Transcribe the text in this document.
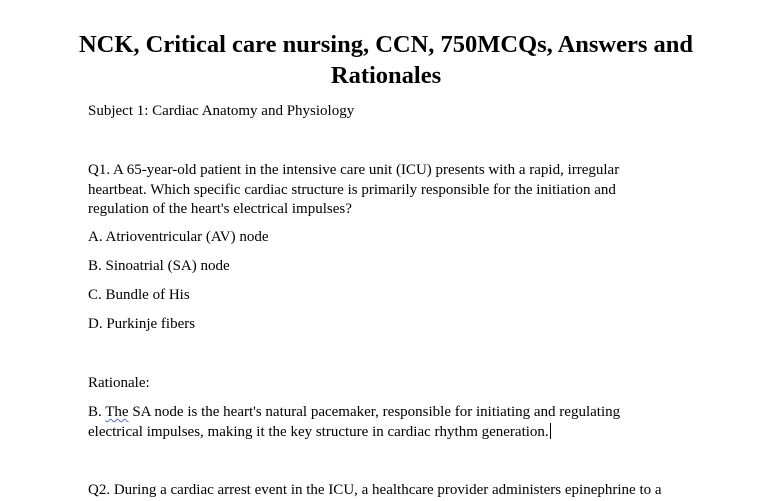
NCK, Critical care nursing, CCN, 750MCQs, Answers and Rationales

Subject 1: Cardiac Anatomy and Physiology

Q1. A 65-year-old patient in the intensive care unit (ICU) presents with a rapid, irregular heartbeat. Which specific cardiac structure is primarily responsible for the initiation and regulation of the heart's electrical impulses?

A. Atrioventricular (AV) node

B. Sinoatrial (SA) node

C. Bundle of His

D. Purkinje fibers

Rationale:

B. The SA node is the heart's natural pacemaker, responsible for initiating and regulating electrical impulses, making it the key structure in cardiac rhythm generation.

Q2. During a cardiac arrest event in the ICU, a healthcare provider administers epinephrine to a
